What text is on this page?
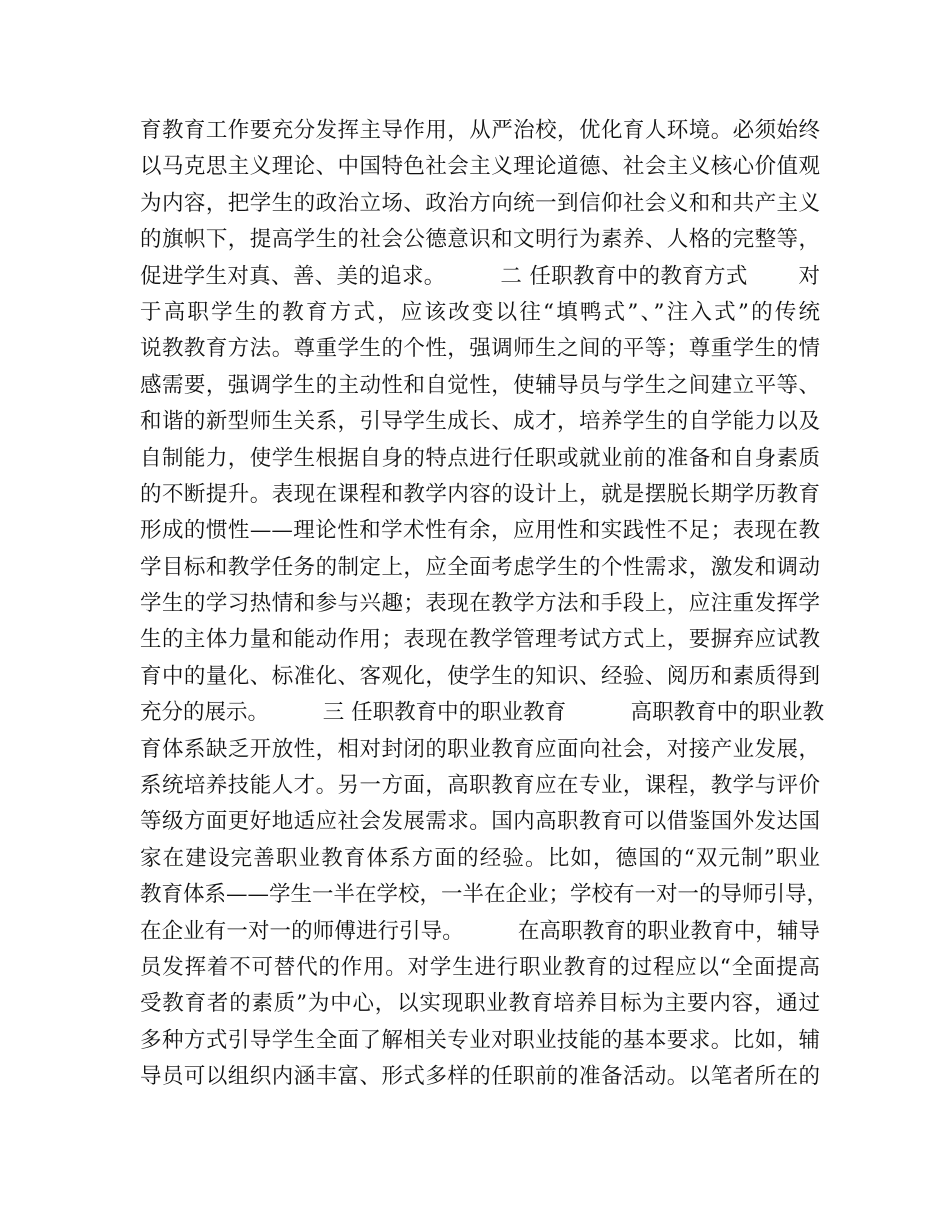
育教育工作要充分发挥主导作用，从严治校，优化育人环境。必须始终
以马克思主义理论、中国特色社会主义理论道德、社会主义核心价值观
为内容，把学生的政治立场、政治方向统一到信仰社会义和和共产主义
的旗帜下，提高学生的社会公德意识和文明行为素养、人格的完整等，
促进学生对真、善、美的追求。　　　二 任职教育中的教育方式　　 对
于高职学生的教育方式，应该改变以往“填鸭式”、”注入式”的传统
说教教育方法。尊重学生的个性，强调师生之间的平等；尊重学生的情
感需要，强调学生的主动性和自觉性，使辅导员与学生之间建立平等、
和谐的新型师生关系，引导学生成长、成才，培养学生的自学能力以及
自制能力，使学生根据自身的特点进行任职或就业前的准备和自身素质
的不断提升。表现在课程和教学内容的设计上，就是摆脱长期学历教育
形成的惯性——理论性和学术性有余，应用性和实践性不足；表现在教
学目标和教学任务的制定上，应全面考虑学生的个性需求，激发和调动
学生的学习热情和参与兴趣；表现在教学方法和手段上，应注重发挥学
生的主体力量和能动作用；表现在教学管理考试方式上，要摒弃应试教
育中的量化、标准化、客观化，使学生的知识、经验、阅历和素质得到
充分的展示。　　　三 任职教育中的职业教育　　　高职教育中的职业教
育体系缺乏开放性，相对封闭的职业教育应面向社会，对接产业发展，
系统培养技能人才。另一方面，高职教育应在专业，课程，教学与评价
等级方面更好地适应社会发展需求。国内高职教育可以借鉴国外发达国
家在建设完善职业教育体系方面的经验。比如，德国的“双元制”职业
教育体系——学生一半在学校，一半在企业；学校有一对一的导师引导，
在企业有一对一的师傅进行引导。　　　在高职教育的职业教育中，辅导
员发挥着不可替代的作用。对学生进行职业教育的过程应以“全面提高
受教育者的素质”为中心，以实现职业教育培养目标为主要内容，通过
多种方式引导学生全面了解相关专业对职业技能的基本要求。比如，辅
导员可以组织内涵丰富、形式多样的任职前的准备活动。以笔者所在的
